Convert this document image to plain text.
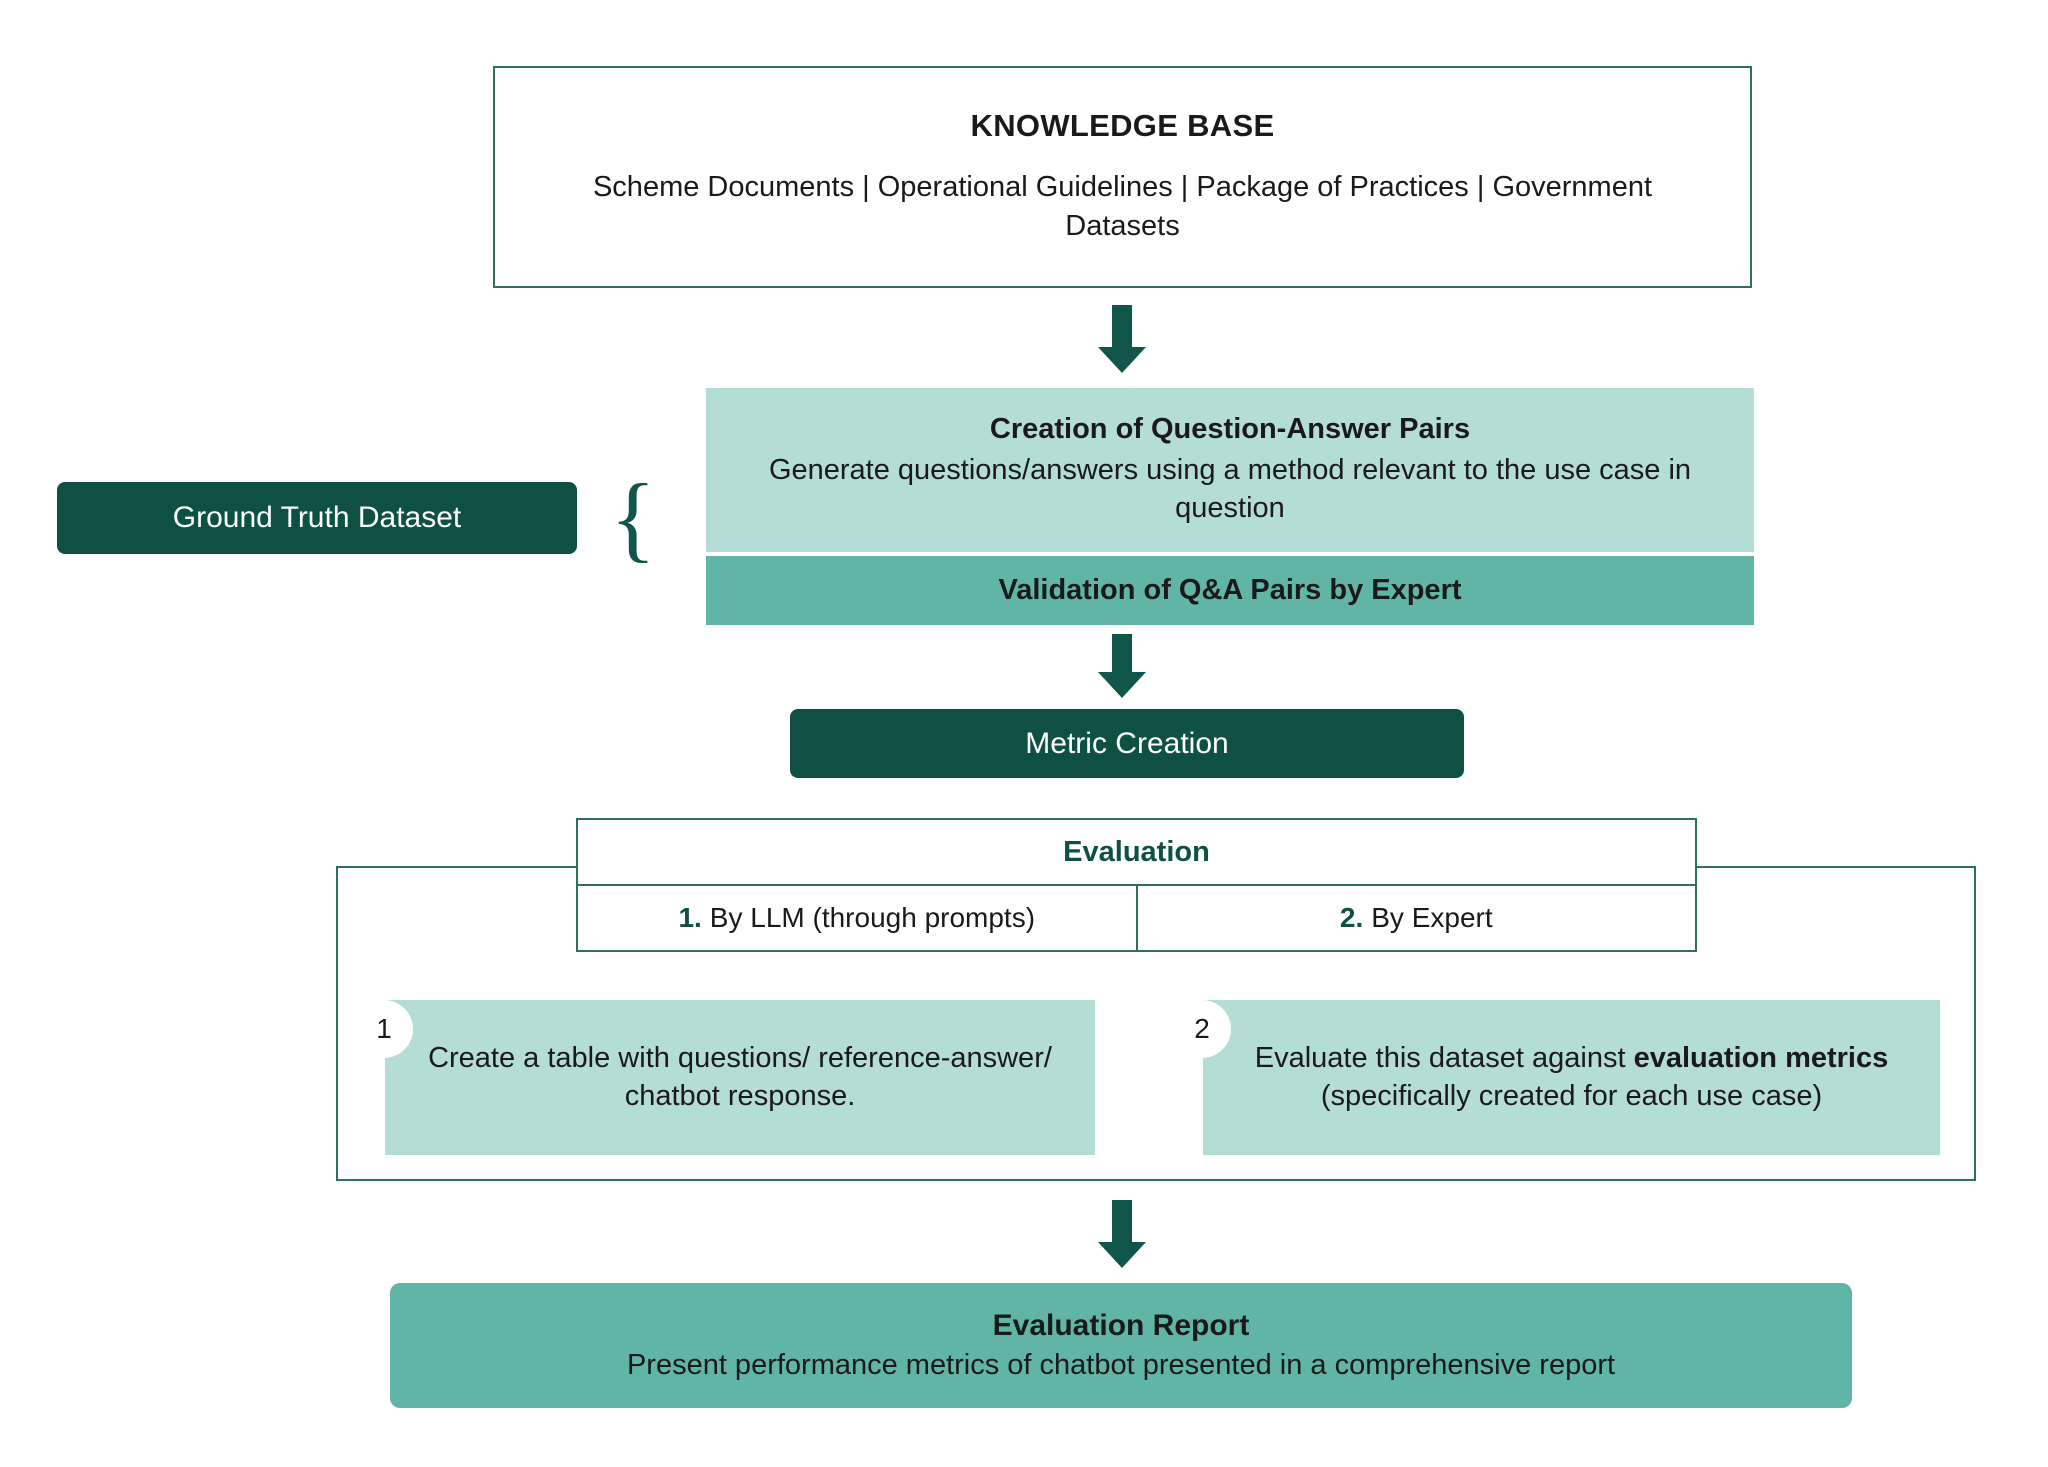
KNOWLEDGE BASE
Scheme Documents | Operational Guidelines | Package of Practices | Government Datasets
Ground Truth Dataset {
Creation of Question-Answer Pairs
Generate questions/answers using a method relevant to the use case in question
Validation of Q&A Pairs by Expert
Metric Creation
Evaluation
1. By LLM (through prompts)	2. By Expert
Create a table with questions/ reference-answer/ chatbot response.
1
Evaluate this dataset against evaluation metrics (specifically created for each use case)
2
Evaluation Report
Present performance metrics of chatbot presented in a comprehensive report
